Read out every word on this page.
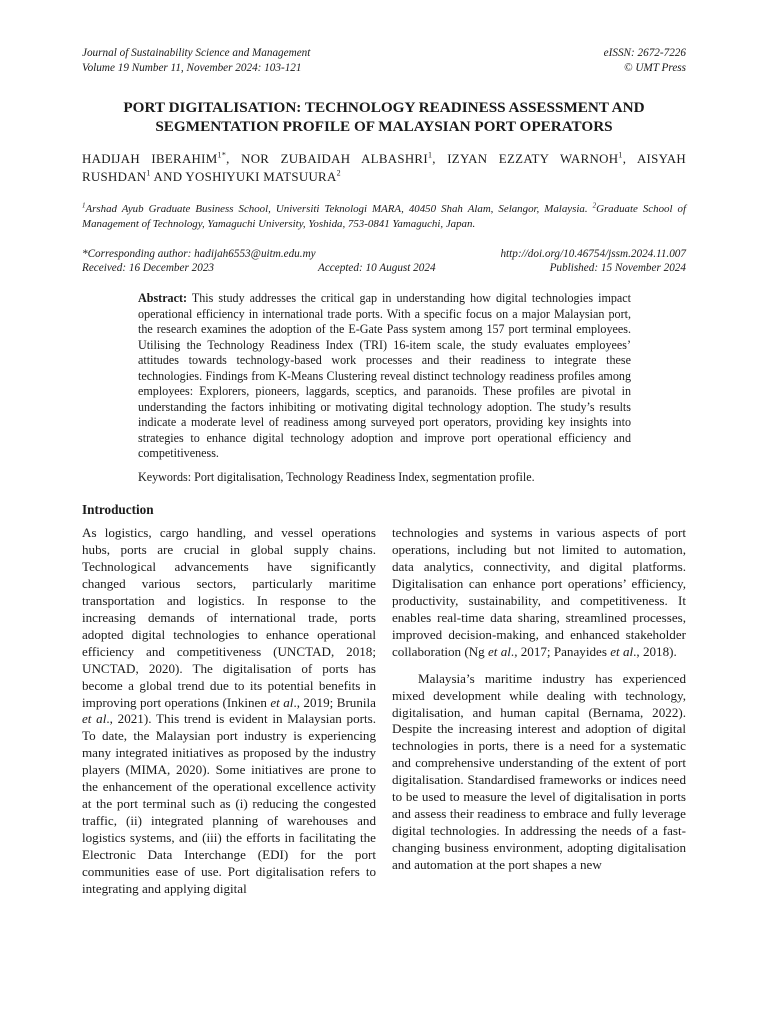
Journal of Sustainability Science and Management
Volume 19 Number 11, November 2024: 103-121
eISSN: 2672-7226
© UMT Press
PORT DIGITALISATION: TECHNOLOGY READINESS ASSESSMENT AND
SEGMENTATION PROFILE OF MALAYSIAN PORT OPERATORS
HADIJAH $IBERAHIM^{1*}$, NOR ZUBAIDAH ALBASHRI$^1$, IZYAN EZZATY WARNOH$^1$, AISYAH RUSHDAN$^1$ AND YOSHIYUKI MATSUURA$^2$
$^1$Arshad Ayub Graduate Business School, Universiti Teknologi MARA, 40450 Shah Alam, Selangor, Malaysia. $^2$Graduate School of Management of Technology, Yamaguchi University, Yoshida, 753-0841 Yamaguchi, Japan.
*Corresponding author: hadijah6553@uitm.edu.my	http://doi.org/10.46754/jssm.2024.11.007
Received: 16 December 2023	Accepted: 10 August 2024	Published: 15 November 2024
Abstract: This study addresses the critical gap in understanding how digital technologies impact operational efficiency in international trade ports. With a specific focus on a major Malaysian port, the research examines the adoption of the E-Gate Pass system among 157 port terminal employees. Utilising the Technology Readiness Index (TRI) 16-item scale, the study evaluates employees’ attitudes towards technology-based work processes and their readiness to integrate these technologies. Findings from K-Means Clustering reveal distinct technology readiness profiles among employees: Explorers, pioneers, laggards, sceptics, and paranoids. These profiles are pivotal in understanding the factors inhibiting or motivating digital technology adoption. The study’s results indicate a moderate level of readiness among surveyed port operators, providing key insights into strategies to enhance digital technology adoption and improve port operational efficiency and competitiveness.
Keywords: Port digitalisation, Technology Readiness Index, segmentation profile.
Introduction

As logistics, cargo handling, and vessel operations hubs, ports are crucial in global supply chains. Technological advancements have significantly changed various sectors, particularly maritime transportation and logistics. In response to the increasing demands of international trade, ports adopted digital technologies to enhance operational efficiency and competitiveness (UNCTAD, 2018; UNCTAD, 2020). The digitalisation of ports has become a global trend due to its potential benefits in improving port operations (Inkinen et al., 2019; Brunila et al., 2021). This trend is evident in Malaysian ports. To date, the Malaysian port industry is experiencing many integrated initiatives as proposed by the industry players (MIMA, 2020). Some initiatives are prone to the enhancement of the operational excellence activity at the port terminal such as (i) reducing the congested traffic, (ii) integrated planning of warehouses and logistics systems, and (iii) the efforts in facilitating the Electronic Data Interchange (EDI) for the port communities ease of use. Port digitalisation refers to integrating and applying digital

technologies and systems in various aspects of port operations, including but not limited to automation, data analytics, connectivity, and digital platforms. Digitalisation can enhance port operations’ efficiency, productivity, sustainability, and competitiveness. It enables real-time data sharing, streamlined processes, improved decision-making, and enhanced stakeholder collaboration (Ng et al., 2017; Panayides et al., 2018).

Malaysia’s maritime industry has experienced mixed development while dealing with technology, digitalisation, and human capital (Bernama, 2022). Despite the increasing interest and adoption of digital technologies in ports, there is a need for a systematic and comprehensive understanding of the extent of port digitalisation. Standardised frameworks or indices need to be used to measure the level of digitalisation in ports and assess their readiness to embrace and fully leverage digital technologies. In addressing the needs of a fast-changing business environment, adopting digitalisation and automation at the port shapes a new
